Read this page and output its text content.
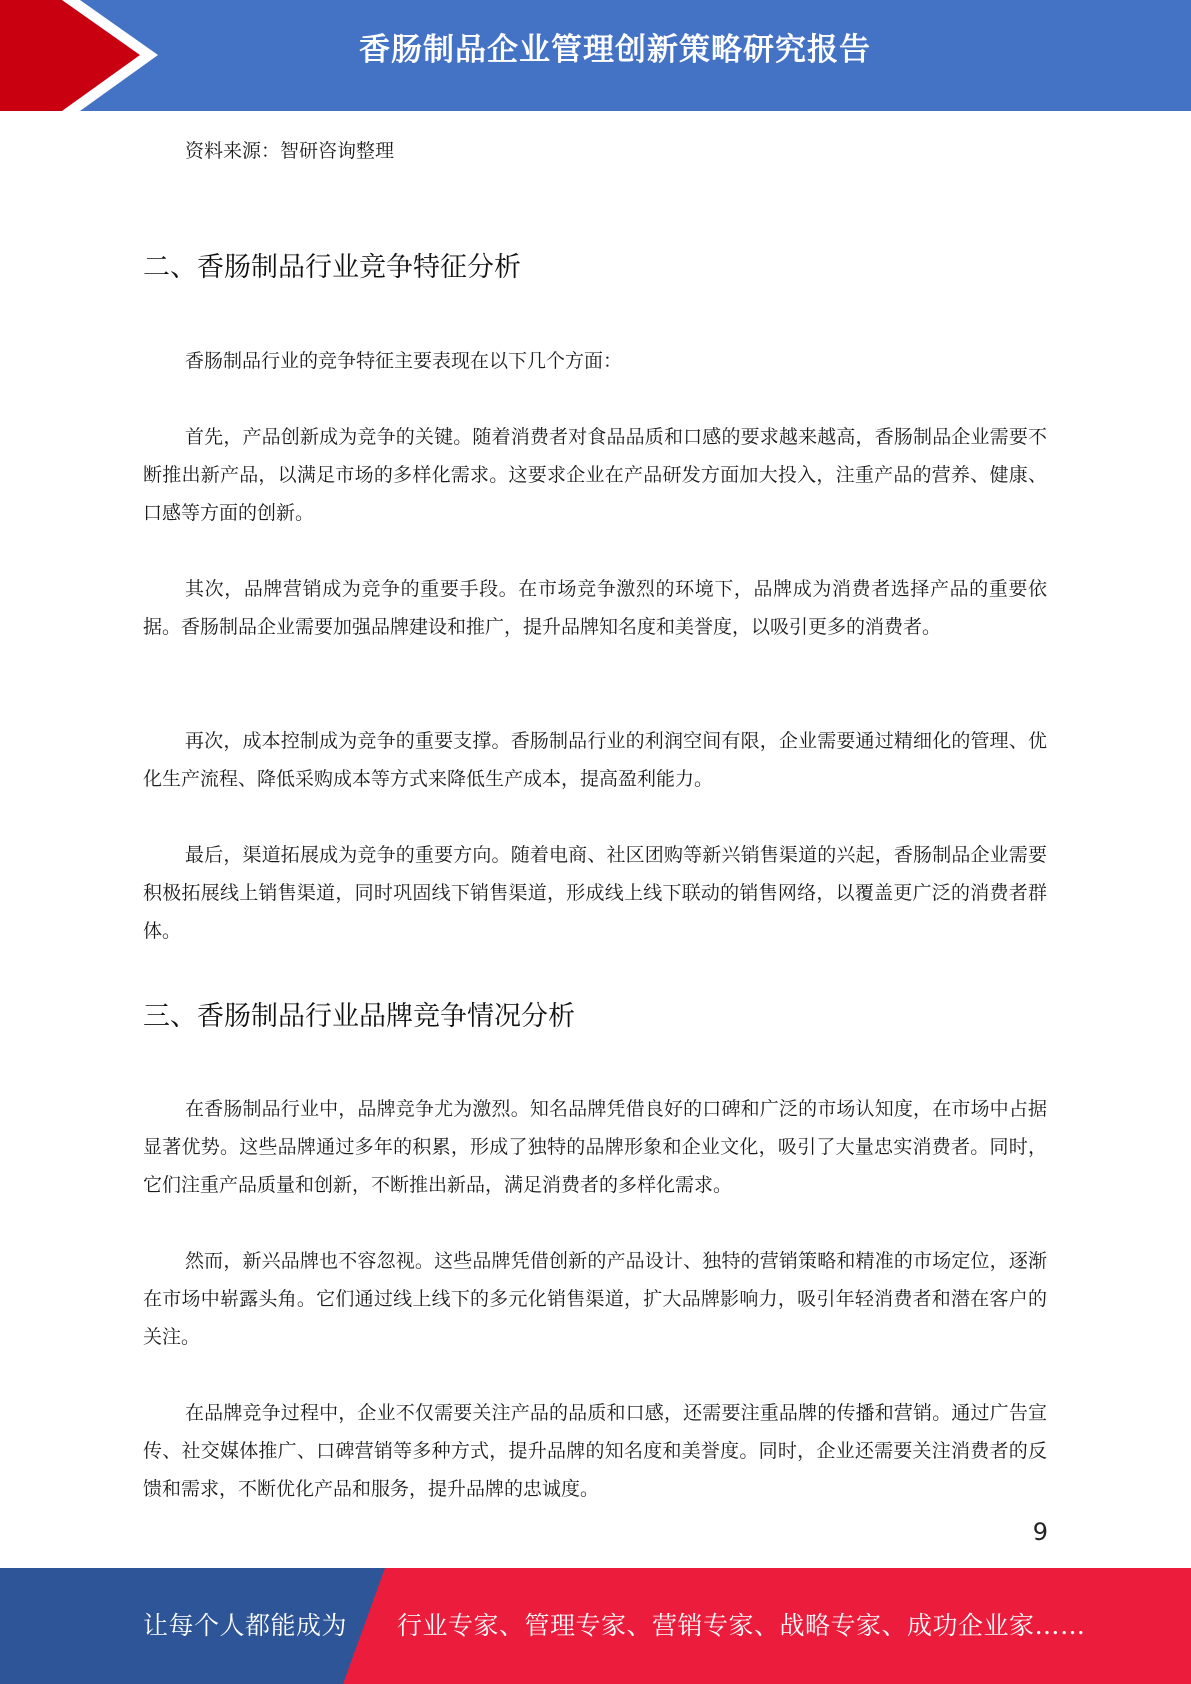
香肠制品企业管理创新策略研究报告

资料来源：智研咨询整理

二、香肠制品行业竞争特征分析

香肠制品行业的竞争特征主要表现在以下几个方面：

首先，产品创新成为竞争的关键。随着消费者对食品品质和口感的要求越来越高，香肠制品企业需要不断推出新产品，以满足市场的多样化需求。这要求企业在产品研发方面加大投入，注重产品的营养、健康、口感等方面的创新。

其次，品牌营销成为竞争的重要手段。在市场竞争激烈的环境下，品牌成为消费者选择产品的重要依据。香肠制品企业需要加强品牌建设和推广，提升品牌知名度和美誉度，以吸引更多的消费者。

再次，成本控制成为竞争的重要支撑。香肠制品行业的利润空间有限，企业需要通过精细化的管理、优化生产流程、降低采购成本等方式来降低生产成本，提高盈利能力。

最后，渠道拓展成为竞争的重要方向。随着电商、社区团购等新兴销售渠道的兴起，香肠制品企业需要积极拓展线上销售渠道，同时巩固线下销售渠道，形成线上线下联动的销售网络，以覆盖更广泛的消费者群体。

三、香肠制品行业品牌竞争情况分析

在香肠制品行业中，品牌竞争尤为激烈。知名品牌凭借良好的口碑和广泛的市场认知度，在市场中占据显著优势。这些品牌通过多年的积累，形成了独特的品牌形象和企业文化，吸引了大量忠实消费者。同时，它们注重产品质量和创新，不断推出新品，满足消费者的多样化需求。

然而，新兴品牌也不容忽视。这些品牌凭借创新的产品设计、独特的营销策略和精准的市场定位，逐渐在市场中崭露头角。它们通过线上线下的多元化销售渠道，扩大品牌影响力，吸引年轻消费者和潜在客户的关注。

在品牌竞争过程中，企业不仅需要关注产品的品质和口感，还需要注重品牌的传播和营销。通过广告宣传、社交媒体推广、口碑营销等多种方式，提升品牌的知名度和美誉度。同时，企业还需要关注消费者的反馈和需求，不断优化产品和服务，提升品牌的忠诚度。

9
让每个人都能成为 行业专家、管理专家、营销专家、战略专家、成功企业家……
